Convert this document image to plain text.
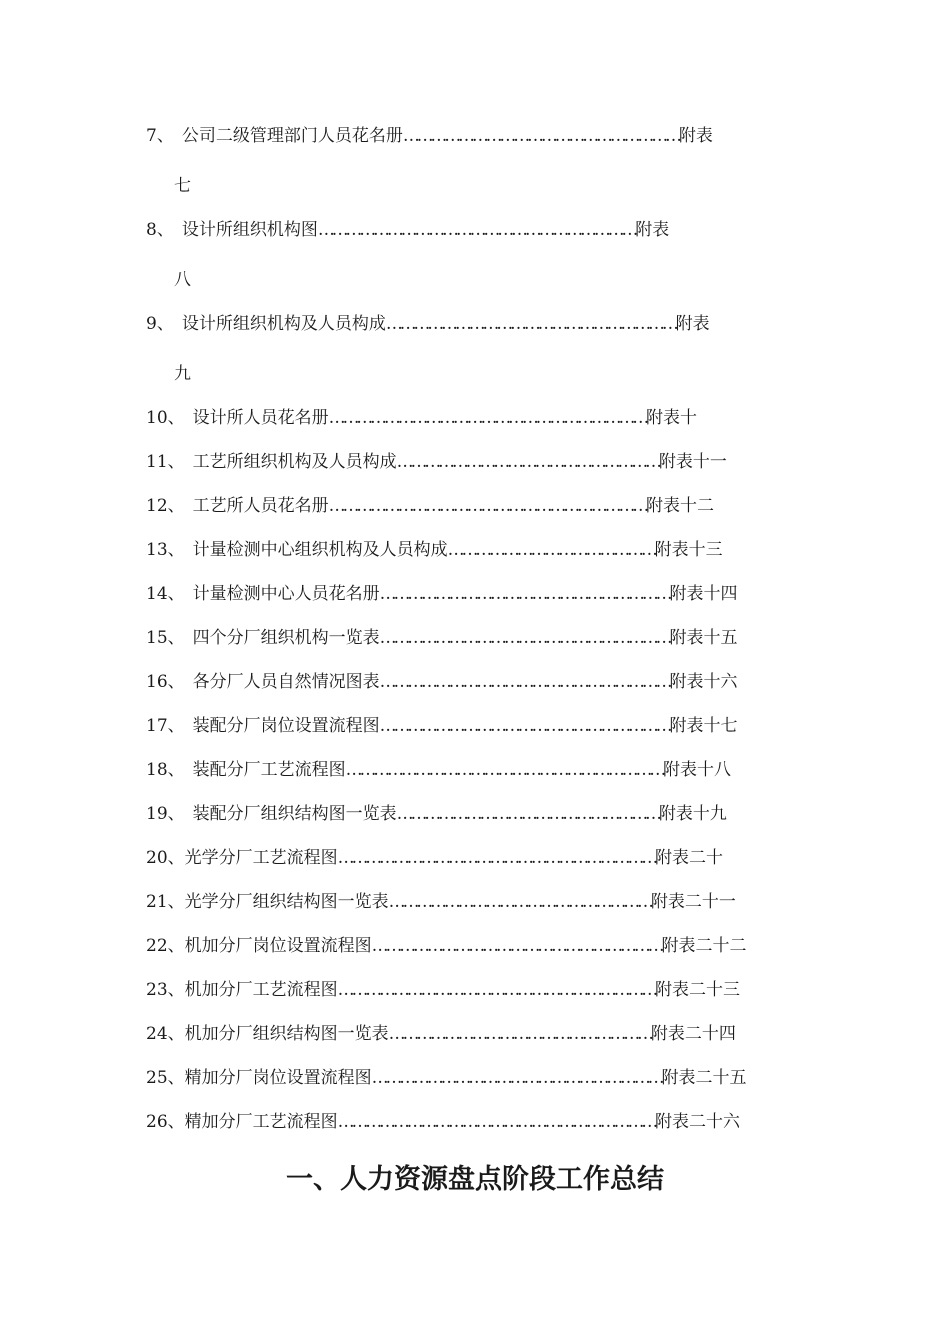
7、 公司二级管理部门人员花名册……………………………………………………附表
七
8、 设计所组织机构图……………………………………………………………附表
八
9、 设计所组织机构及人员构成………………………………………………………附表
九
10、 设计所人员花名册……………………………………………………………附表十
11、 工艺所组织机构及人员构成…………………………………………………附表十一
12、 工艺所人员花名册……………………………………………………………附表十二
13、 计量检测中心组织机构及人员构成………………………………………附表十三
14、 计量检测中心人员花名册………………………………………………………附表十四
15、 四个分厂组织机构一览表………………………………………………………附表十五
16、 各分厂人员自然情况图表………………………………………………………附表十六
17、 装配分厂岗位设置流程图………………………………………………………附表十七
18、 装配分厂工艺流程图……………………………………………………………附表十八
19、 装配分厂组织结构图一览表…………………………………………………附表十九
20、光学分厂工艺流程图……………………………………………………………附表二十
21、光学分厂组织结构图一览表…………………………………………………附表二十一
22、机加分厂岗位设置流程图………………………………………………………附表二十二
23、机加分厂工艺流程图……………………………………………………………附表二十三
24、机加分厂组织结构图一览表…………………………………………………附表二十四
25、精加分厂岗位设置流程图………………………………………………………附表二十五
26、精加分厂工艺流程图……………………………………………………………附表二十六
一、人力资源盘点阶段工作总结
